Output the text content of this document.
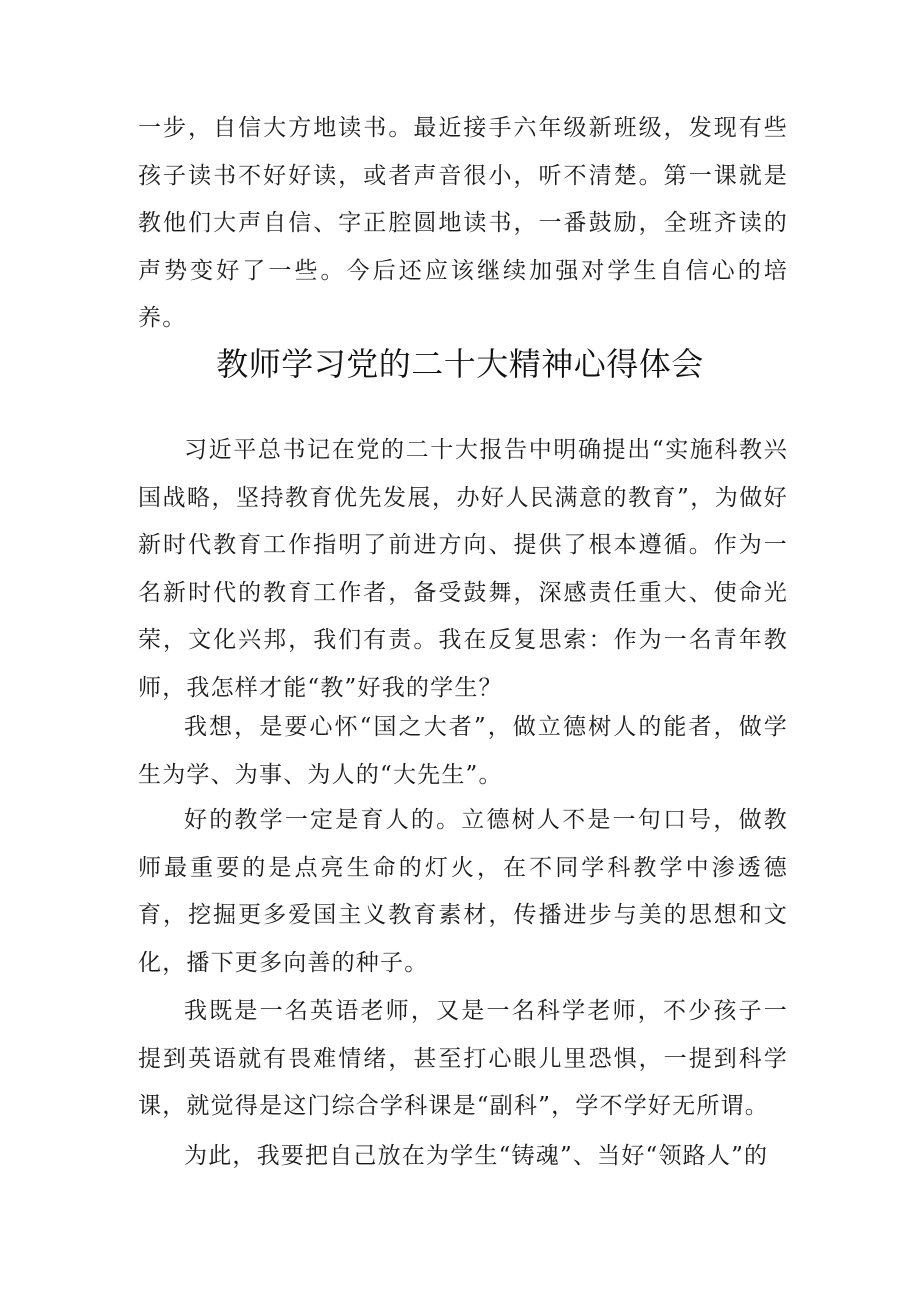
一步，自信大方地读书。最近接手六年级新班级，发现有些孩子读书不好好读，或者声音很小，听不清楚。第一课就是教他们大声自信、字正腔圆地读书，一番鼓励，全班齐读的声势变好了一些。今后还应该继续加强对学生自信心的培养。

教师学习党的二十大精神心得体会

习近平总书记在党的二十大报告中明确提出“实施科教兴国战略，坚持教育优先发展，办好人民满意的教育”，为做好新时代教育工作指明了前进方向、提供了根本遵循。作为一名新时代的教育工作者，备受鼓舞，深感责任重大、使命光荣，文化兴邦，我们有责。我在反复思索：作为一名青年教师，我怎样才能“教”好我的学生？

我想，是要心怀“国之大者”，做立德树人的能者，做学生为学、为事、为人的“大先生”。

好的教学一定是育人的。立德树人不是一句口号，做教师最重要的是点亮生命的灯火，在不同学科教学中渗透德育，挖掘更多爱国主义教育素材，传播进步与美的思想和文化，播下更多向善的种子。

我既是一名英语老师，又是一名科学老师，不少孩子一提到英语就有畏难情绪，甚至打心眼儿里恐惧，一提到科学课，就觉得是这门综合学科课是“副科”，学不学好无所谓。

为此，我要把自己放在为学生“铸魂”、当好“领路人”的
